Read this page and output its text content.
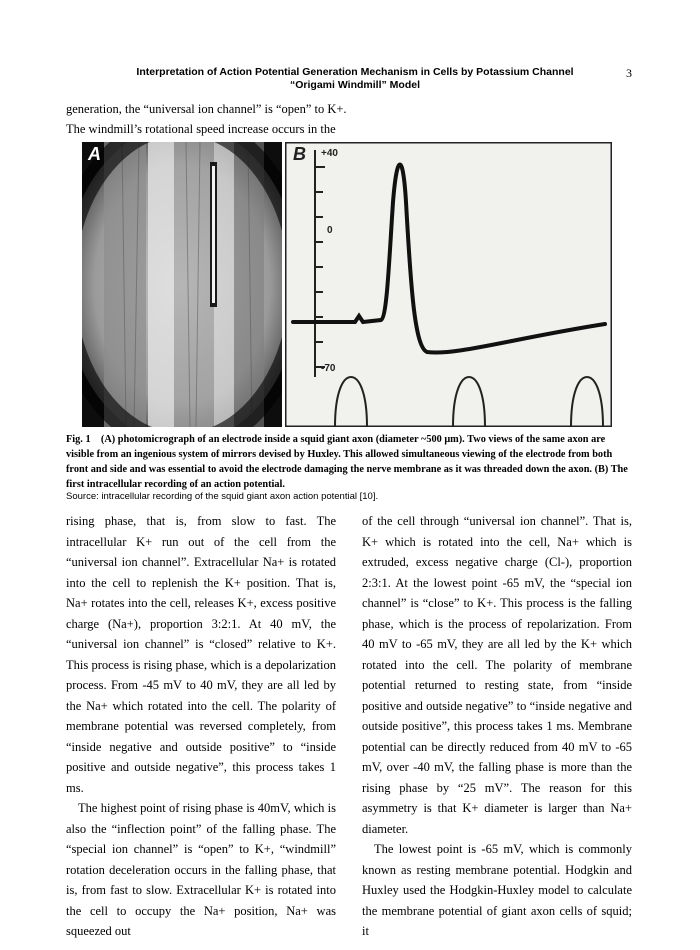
Interpretation of Action Potential Generation Mechanism in Cells by Potassium Channel
“Origami Windmill” Model
3
generation, the “universal ion channel” is “open” to K+.
The windmill’s rotational speed increase occurs in the
A	B +40
0
-70
Fig. 1 (A) photomicrograph of an electrode inside a squid giant axon (diameter ~500 μm). Two views of the same axon are visible from an ingenious system of mirrors devised by Huxley. This allowed simultaneous viewing of the electrode from both front and side and was essential to avoid the electrode damaging the nerve membrane as it was threaded down the axon. (B) The first intracellular recording of an action potential.
Source: intracellular recording of the squid giant axon action potential [10].

rising phase, that is, from slow to fast. The intracellular K+ run out of the cell from the “universal ion channel”. Extracellular Na+ is rotated into the cell to replenish the K+ position. That is, Na+ rotates into the cell, releases K+, excess positive charge (Na+), proportion 3:2:1. At 40 mV, the “universal ion channel” is “closed” relative to K+. This process is rising phase, which is a depolarization process. From -45 mV to 40 mV, they are all led by the Na+ which rotated into the cell. The polarity of membrane potential was reversed completely, from “inside negative and outside positive” to “inside positive and outside negative”, this process takes 1 ms.

The highest point of rising phase is 40mV, which is also the “inflection point” of the falling phase. The “special ion channel” is “open” to K+, “windmill” rotation deceleration occurs in the falling phase, that is, from fast to slow. Extracellular K+ is rotated into the cell to occupy the Na+ position, Na+ was squeezed out

of the cell through “universal ion channel”. That is, K+ which is rotated into the cell, Na+ which is extruded, excess negative charge (Cl-), proportion 2:3:1. At the lowest point -65 mV, the “special ion channel” is “close” to K+. This process is the falling phase, which is the process of repolarization. From 40 mV to -65 mV, they are all led by the K+ which rotated into the cell. The polarity of membrane potential returned to resting state, from “inside positive and outside negative” to “inside negative and outside positive”, this process takes 1 ms. Membrane potential can be directly reduced from 40 mV to -65 mV, over -40 mV, the falling phase is more than the rising phase by “25 mV”. The reason for this asymmetry is that K+ diameter is larger than Na+ diameter.

The lowest point is -65 mV, which is commonly known as resting membrane potential. Hodgkin and Huxley used the Hodgkin-Huxley model to calculate the membrane potential of giant axon cells of squid; it
